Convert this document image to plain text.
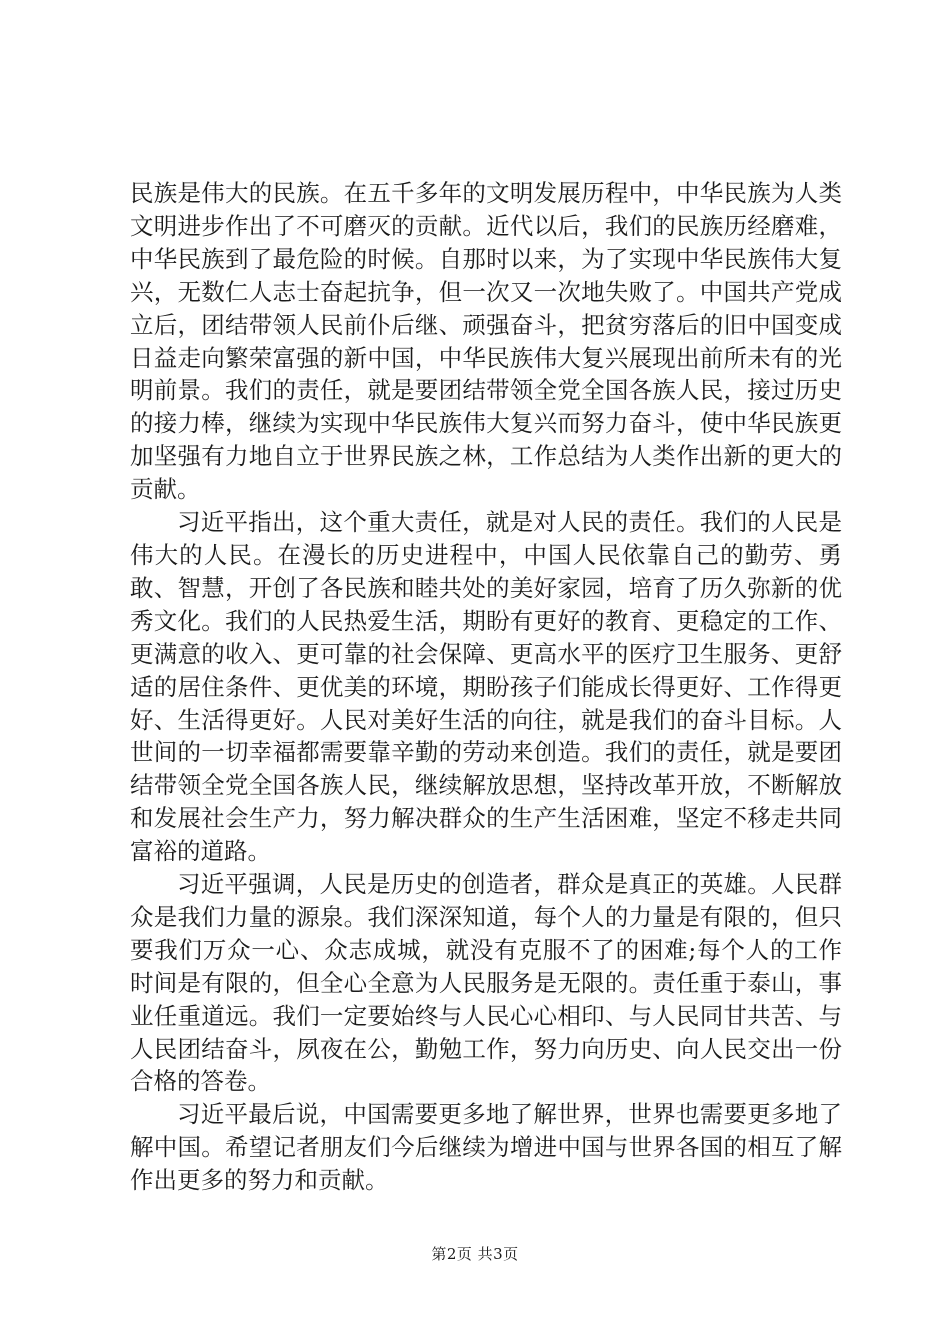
民族是伟大的民族。在五千多年的文明发展历程中，中华民族为人类文明进步作出了不可磨灭的贡献。近代以后，我们的民族历经磨难，中华民族到了最危险的时候。自那时以来，为了实现中华民族伟大复兴，无数仁人志士奋起抗争，但一次又一次地失败了。中国共产党成立后，团结带领人民前仆后继、顽强奋斗，把贫穷落后的旧中国变成日益走向繁荣富强的新中国，中华民族伟大复兴展现出前所未有的光明前景。我们的责任，就是要团结带领全党全国各族人民，接过历史的接力棒，继续为实现中华民族伟大复兴而努力奋斗，使中华民族更加坚强有力地自立于世界民族之林，工作总结为人类作出新的更大的贡献。

习近平指出，这个重大责任，就是对人民的责任。我们的人民是伟大的人民。在漫长的历史进程中，中国人民依靠自己的勤劳、勇敢、智慧，开创了各民族和睦共处的美好家园，培育了历久弥新的优秀文化。我们的人民热爱生活，期盼有更好的教育、更稳定的工作、更满意的收入、更可靠的社会保障、更高水平的医疗卫生服务、更舒适的居住条件、更优美的环境，期盼孩子们能成长得更好、工作得更好、生活得更好。人民对美好生活的向往，就是我们的奋斗目标。人世间的一切幸福都需要靠辛勤的劳动来创造。我们的责任，就是要团结带领全党全国各族人民，继续解放思想，坚持改革开放，不断解放和发展社会生产力，努力解决群众的生产生活困难，坚定不移走共同富裕的道路。

习近平强调，人民是历史的创造者，群众是真正的英雄。人民群众是我们力量的源泉。我们深深知道，每个人的力量是有限的，但只要我们万众一心、众志成城，就没有克服不了的困难;每个人的工作时间是有限的，但全心全意为人民服务是无限的。责任重于泰山，事业任重道远。我们一定要始终与人民心心相印、与人民同甘共苦、与人民团结奋斗，夙夜在公，勤勉工作，努力向历史、向人民交出一份合格的答卷。

习近平最后说，中国需要更多地了解世界，世界也需要更多地了解中国。希望记者朋友们今后继续为增进中国与世界各国的相互了解作出更多的努力和贡献。

第2页 共3页
